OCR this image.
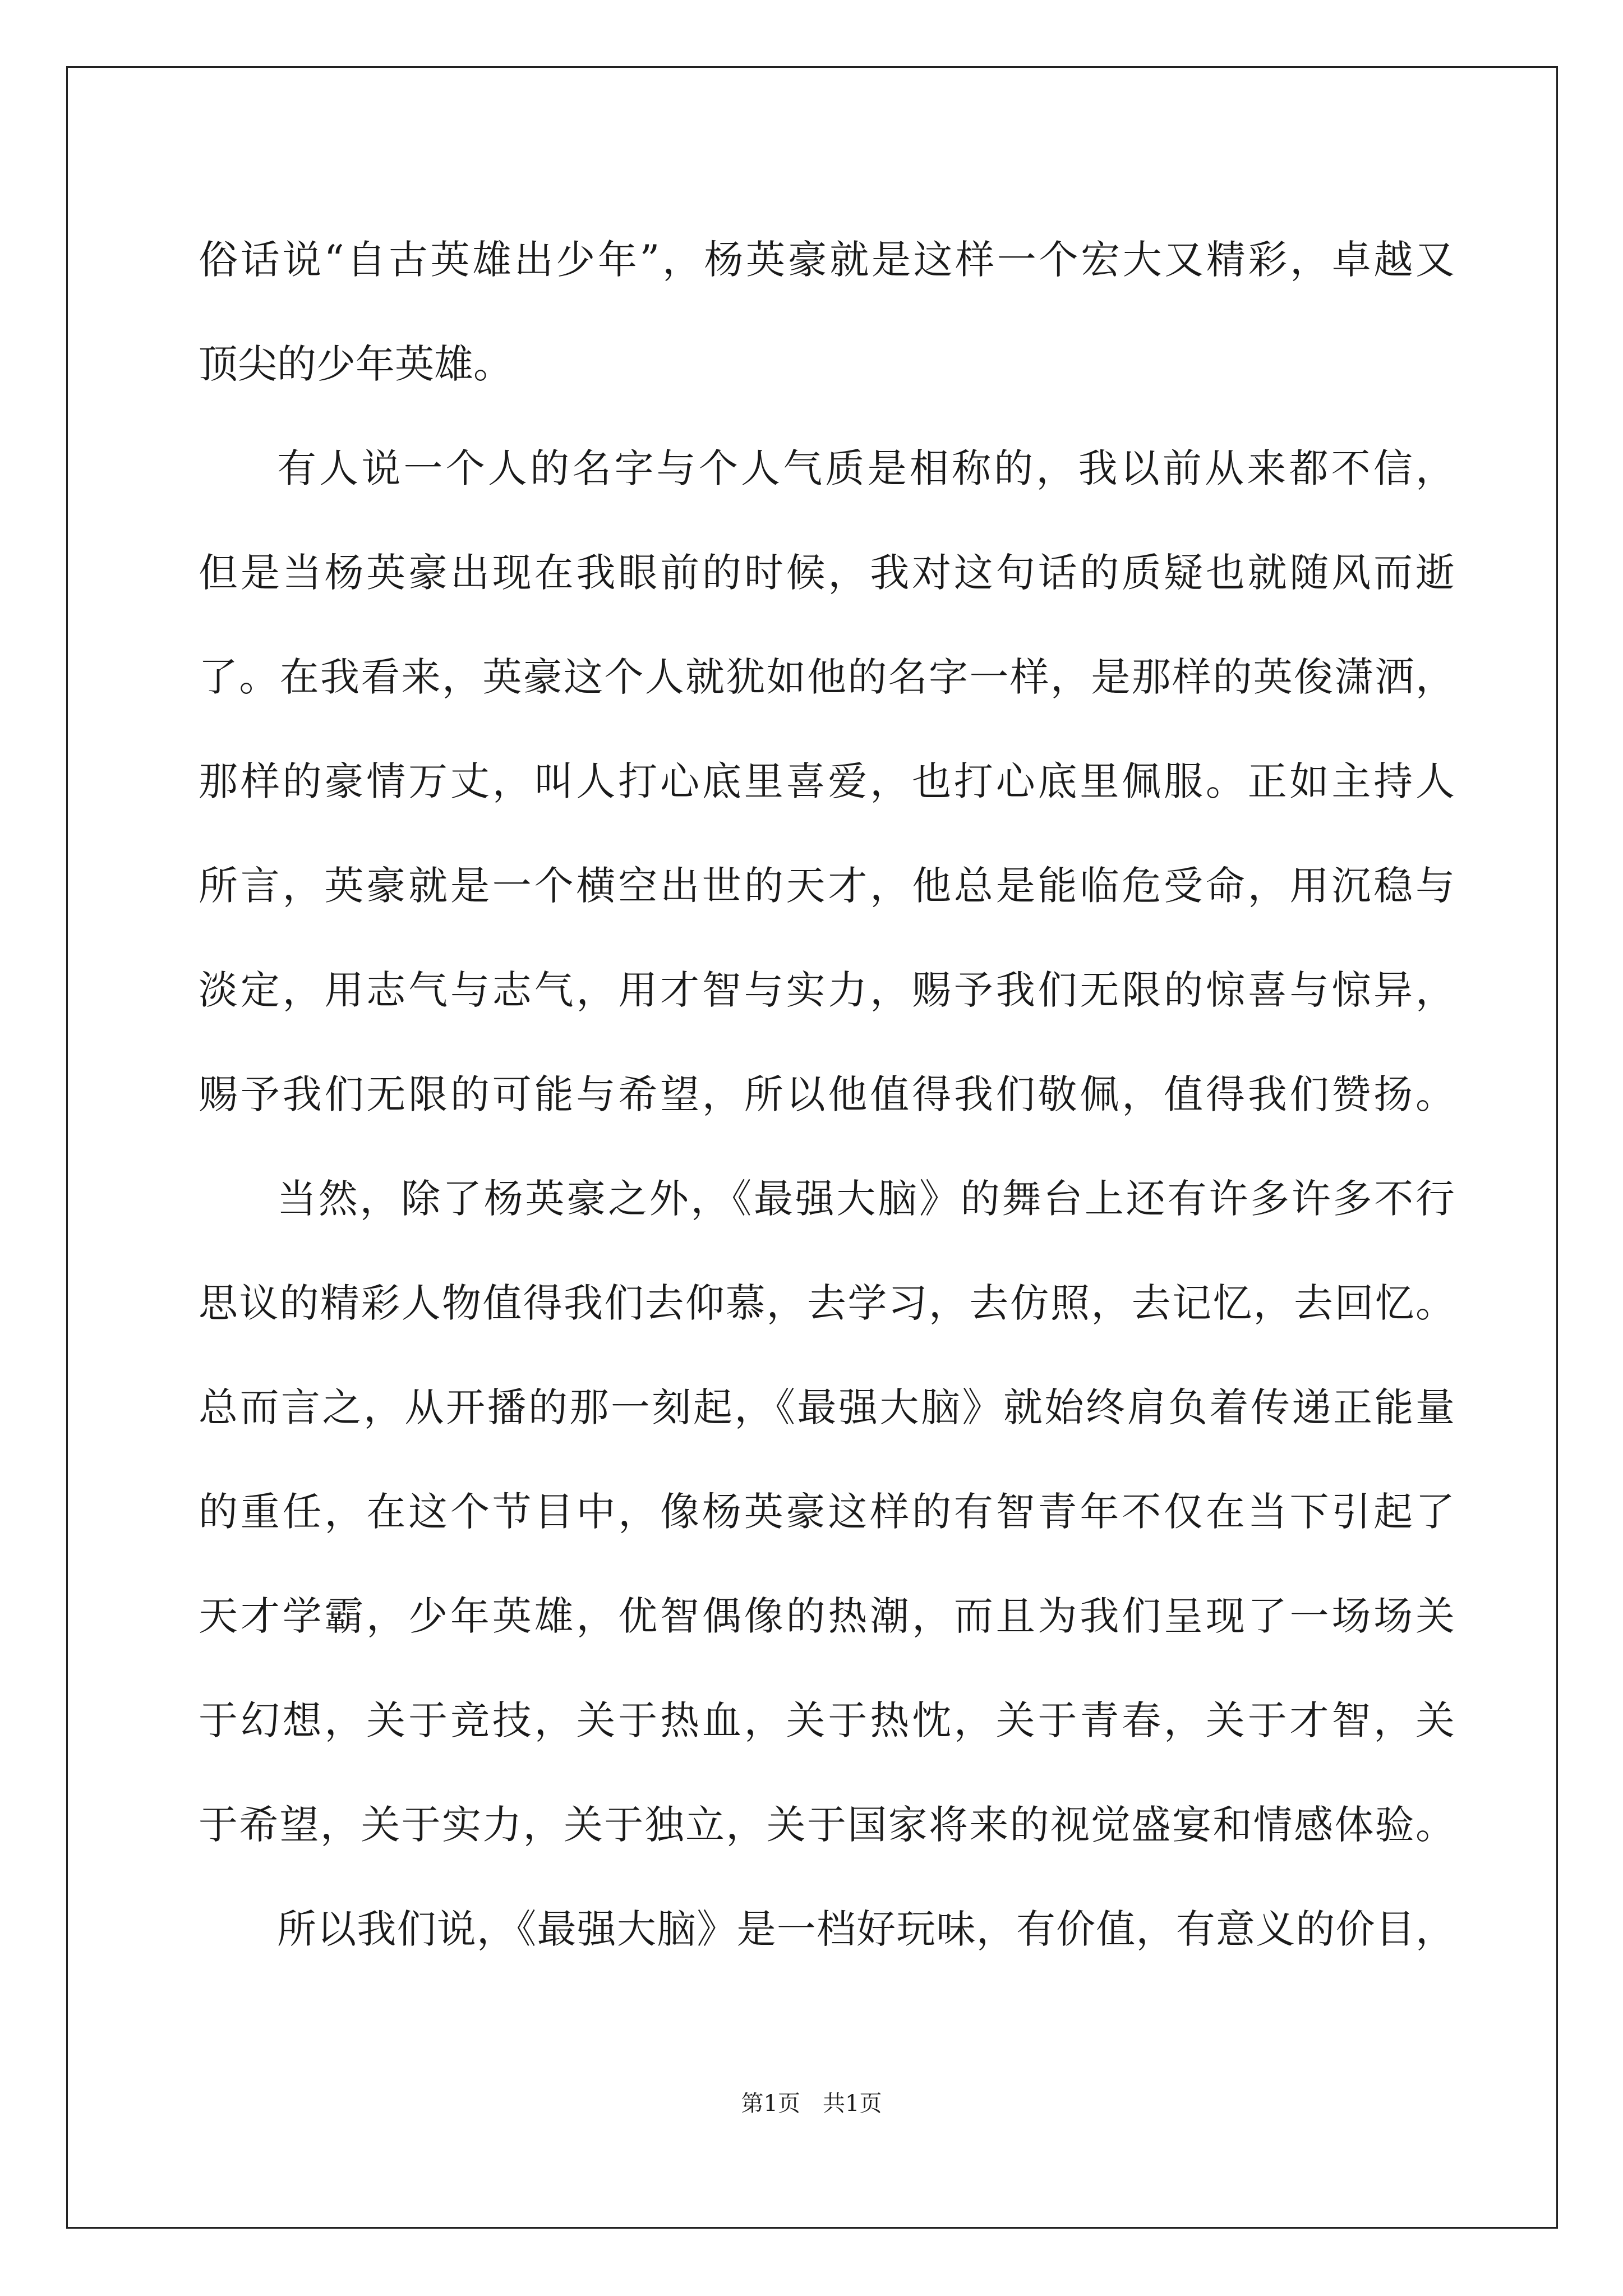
俗话说“自古英雄出少年”，杨英豪就是这样一个宏大又精彩，卓越又
顶尖的少年英雄。
有人说一个人的名字与个人气质是相称的，我以前从来都不信，
但是当杨英豪出现在我眼前的时候，我对这句话的质疑也就随风而逝
了。在我看来，英豪这个人就犹如他的名字一样，是那样的英俊潇洒，
那样的豪情万丈，叫人打心底里喜爱，也打心底里佩服。正如主持人
所言，英豪就是一个横空出世的天才，他总是能临危受命，用沉稳与
淡定，用志气与志气，用才智与实力，赐予我们无限的惊喜与惊异，
赐予我们无限的可能与希望，所以他值得我们敬佩，值得我们赞扬。
当然，除了杨英豪之外，《最强大脑》的舞台上还有许多许多不行
思议的精彩人物值得我们去仰慕，去学习，去仿照，去记忆，去回忆。
总而言之，从开播的那一刻起，《最强大脑》就始终肩负着传递正能量
的重任，在这个节目中，像杨英豪这样的有智青年不仅在当下引起了
天才学霸，少年英雄，优智偶像的热潮，而且为我们呈现了一场场关
于幻想，关于竞技，关于热血，关于热忱，关于青春，关于才智，关
于希望，关于实力，关于独立，关于国家将来的视觉盛宴和情感体验。
所以我们说，《最强大脑》是一档好玩味，有价值，有意义的价目，
第1页　共1页
